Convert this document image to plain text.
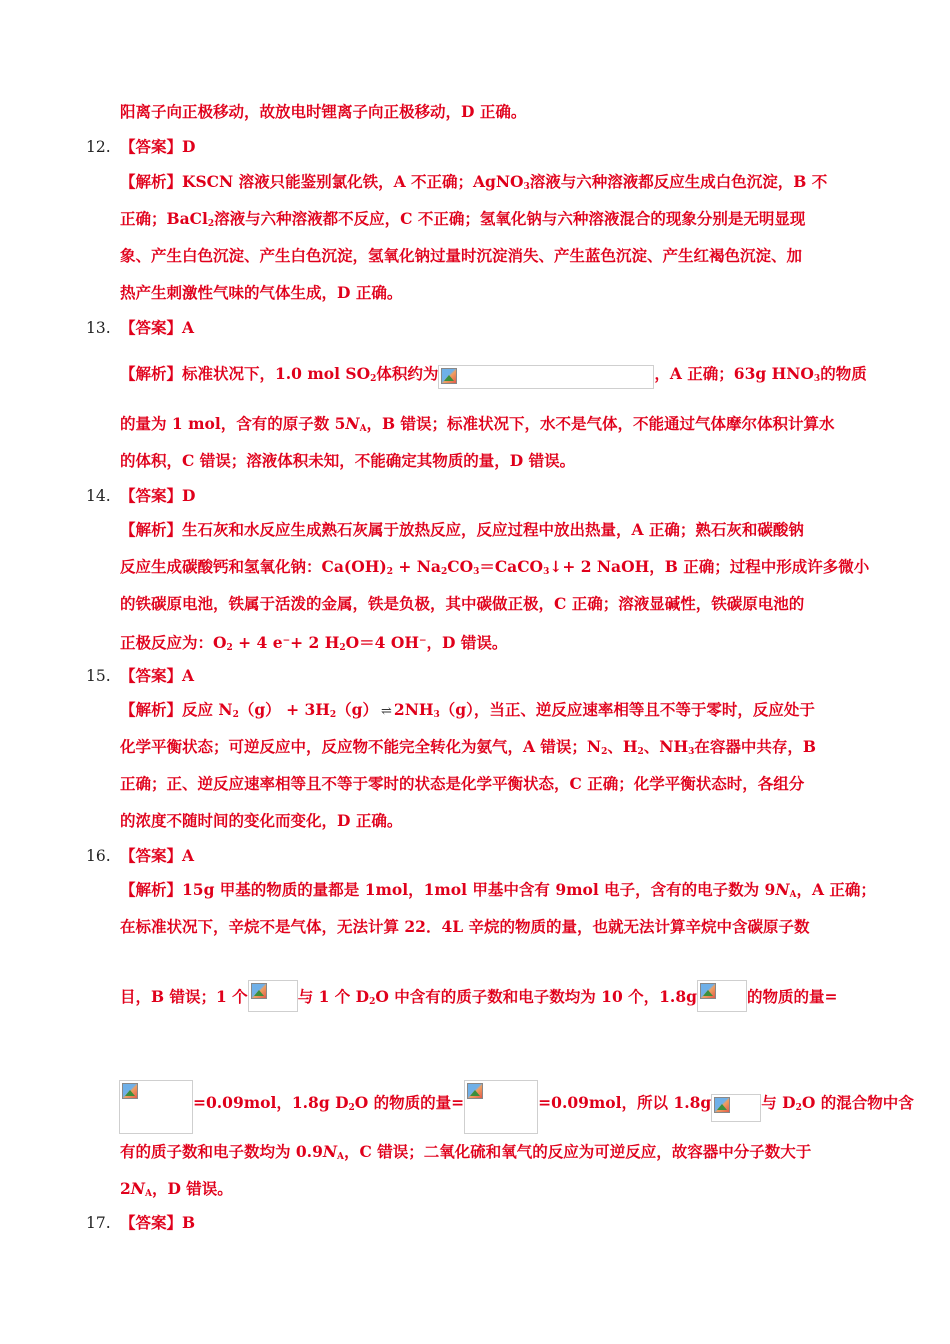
阳离子向正极移动，故放电时锂离子向正极移动，D 正确。
12. 【答案】D
【解析】KSCN 溶液只能鉴别氯化铁，A 不正确；AgNO$_3$溶液与六种溶液都反应生成白色沉淀，B 不
正确；BaCl$_2$溶液与六种溶液都不反应，C 不正确；氢氧化钠与六种溶液混合的现象分别是无明显现
象、产生白色沉淀、产生白色沉淀，氢氧化钠过量时沉淀消失、产生蓝色沉淀、产生红褐色沉淀、加
热产生刺激性气味的气体生成，D 正确。
13. 【答案】A
【解析】标准状况下，1.0 mol $SO_2$体积约为	，A 正确；63g $HNO_3$的物质
的量为 1 mol，含有的原子数 $5N_A$，B 错误；标准状况下，水不是气体，不能通过气体摩尔体积计算水
的体积，C 错误；溶液体积未知，不能确定其物质的量，D 错误。
14. 【答案】D
【解析】生石灰和水反应生成熟石灰属于放热反应，反应过程中放出热量，A 正确；熟石灰和碳酸钠
反应生成碳酸钙和氢氧化钠：$Ca(OH)_2$ + $Na_2CO_3=CaCO_3↓+ 2$ NaOH，B 正确；过程中形成许多微小
的铁碳原电池，铁属于活泼的金属，铁是负极，其中碳做正极，C 正确；溶液显碱性，铁碳原电池的
正极反应为：$O_2 + 4$ e−+ 2 $H_2O=4$ OH−，D 错误。
15. 【答案】A
【解析】反应 $N_2(g) + 3H_2(g)$ ⇌ $2NH_3(g)$，当正、逆反应速率相等且不等于零时，反应处于
化学平衡状态；可逆反应中，反应物不能完全转化为氨气，A 错误；$N_2$、$H_2$、$NH_3$在容器中共存，B
正确；正、逆反应速率相等且不等于零时的状态是化学平衡状态，C 正确；化学平衡状态时，各组分
的浓度不随时间的变化而变化，D 正确。
16. 【答案】A
【解析】15g 甲基的物质的量都是 1mol，1mol 甲基中含有 9mol 电子，含有的电子数为 $9N_A$，A 正确；
在标准状况下，辛烷不是气体，无法计算 22．4L 辛烷的物质的量，也就无法计算辛烷中含碳原子数
目，B 错误；1 个	与 1 个 $D_2O$ 中含有的质子数和电子数均为 10 个，1.8g	的物质的量=
=0.09mol，1.8g $D_2O$ 的物质的量=	=0.09mol，所以 1.8g	与 $D_2O$ 的混合物中含
有的质子数和电子数均为 $0.9N_A$，C 错误；二氧化硫和氧气的反应为可逆反应，故容器中分子数大于
$2N_A$，D 错误。
17. 【答案】B
